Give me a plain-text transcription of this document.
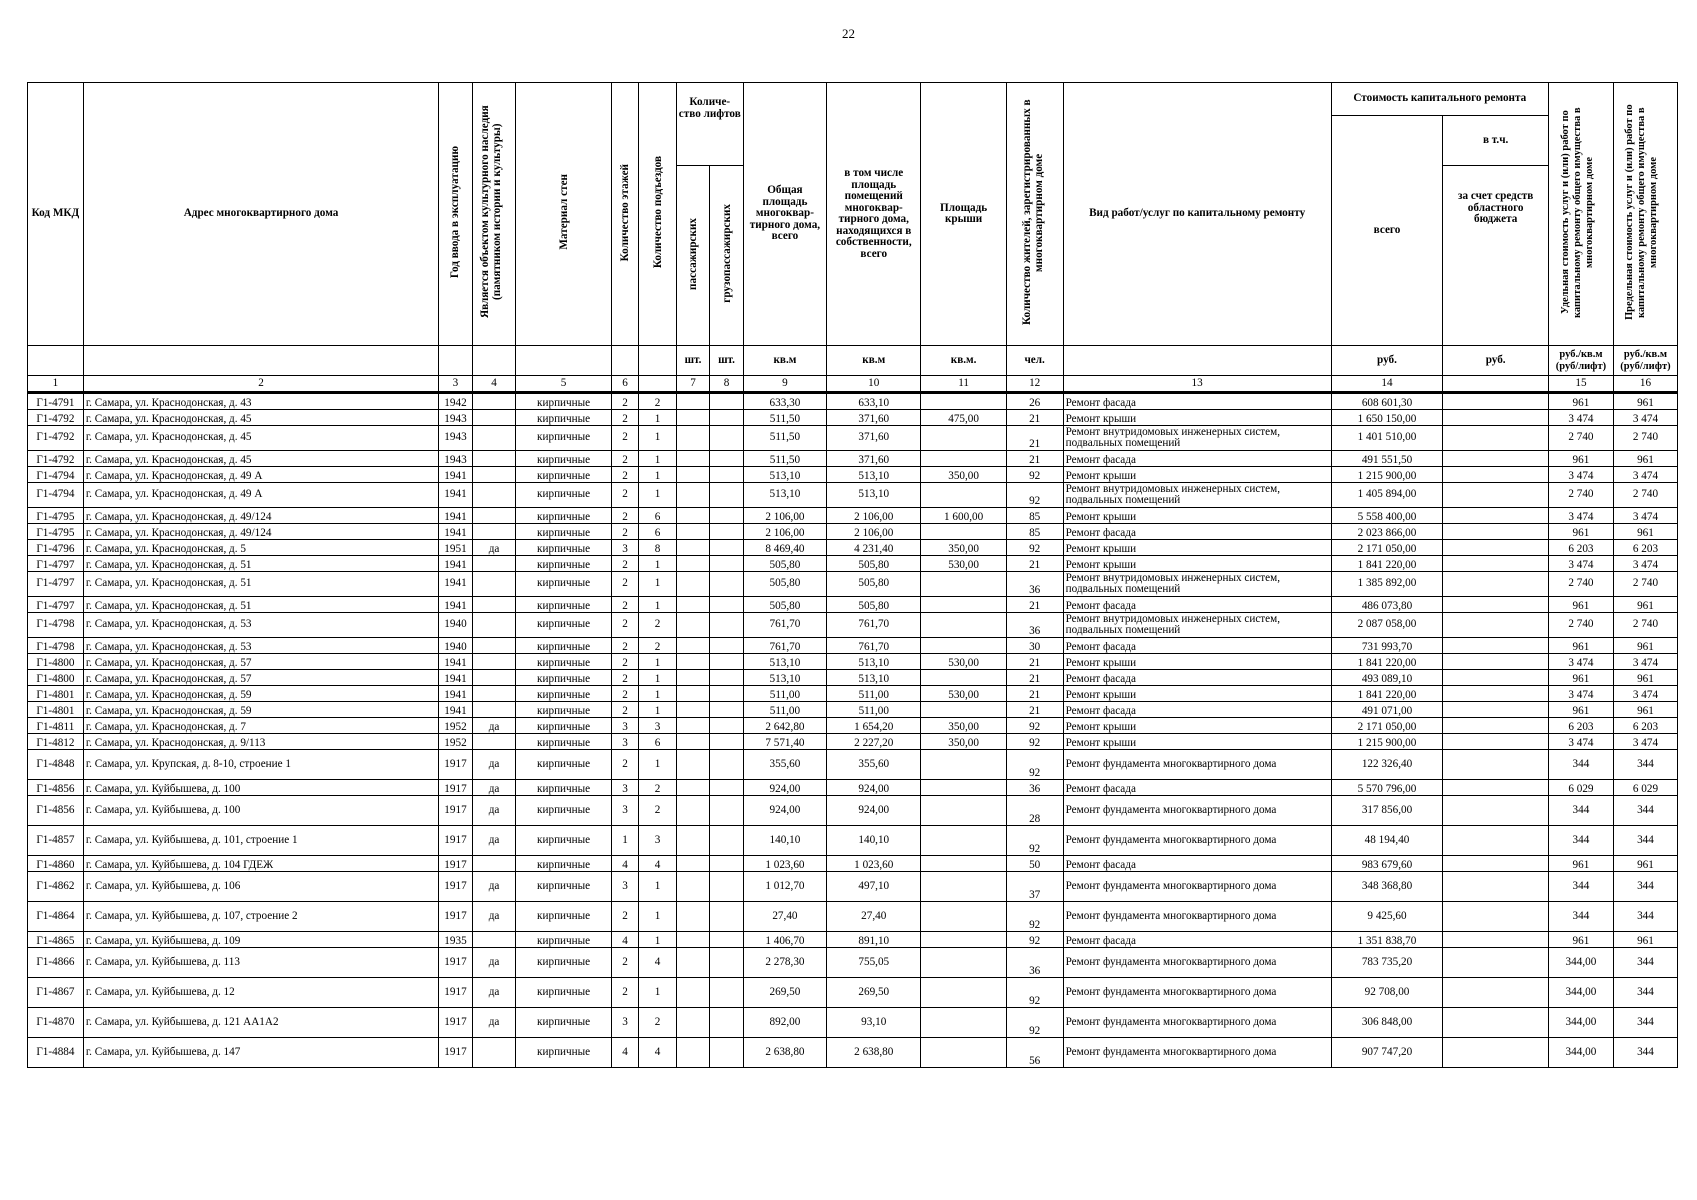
22
Код МКД	Адрес многоквартирного дома	Год ввода в эксплуатацию	Является объектом культурного наследия (памятником истории и культуры)	Материал стен	Количество этажей	Количество подъездов	Количе- ство лифтов		Общая площадь многоквар- тирного дома, всего	в том числе площадь помещений многоквар- тирного дома, находящихся в собственности, всего	Площадь крыши	Количество жителей, зарегистрированных в многоквартирном доме	Вид работ/услуг по капитальному ремонту	Стоимость капитального ремонта		Удельная стоимость услуг и (или) работ по капитальному ремонту общего имущества в многоквартирном доме	Предельная стоимость услуг и (или) работ по капитальному ремонту общего имущества в многоквартирном доме
														всего	в т.ч.		
							пассажирских	грузопассажирских							за счет средств областного бюджета		
							шт.	шт.	кв.м	кв.м	кв.м.	чел.		руб.	руб.	руб./кв.м (руб/лифт)	руб./кв.м (руб/лифт)
1	2	3	4	5	6		7	8	9	10	11	12	13	14		15	16
Г1-4791	г. Самара, ул. Краснодонская, д. 43	1942		кирпичные	2	2			633,30	633,10		26	Ремонт фасада	608 601,30		961	961
Г1-4792	г. Самара, ул. Краснодонская, д. 45	1943		кирпичные	2	1			511,50	371,60	475,00	21	Ремонт крыши	1 650 150,00		3 474	3 474
Г1-4792	г. Самара, ул. Краснодонская, д. 45	1943		кирпичные	2	1			511,50	371,60		21	Ремонт внутридомовых инженерных систем, подвальных помещений	1 401 510,00		2 740	2 740
Г1-4792	г. Самара, ул. Краснодонская, д. 45	1943		кирпичные	2	1			511,50	371,60		21	Ремонт фасада	491 551,50		961	961
Г1-4794	г. Самара, ул. Краснодонская, д. 49 А	1941		кирпичные	2	1			513,10	513,10	350,00	92	Ремонт крыши	1 215 900,00		3 474	3 474
Г1-4794	г. Самара, ул. Краснодонская, д. 49 А	1941		кирпичные	2	1			513,10	513,10		92	Ремонт внутридомовых инженерных систем, подвальных помещений	1 405 894,00		2 740	2 740
Г1-4795	г. Самара, ул. Краснодонская, д. 49/124	1941		кирпичные	2	6			2 106,00	2 106,00	1 600,00	85	Ремонт крыши	5 558 400,00		3 474	3 474
Г1-4795	г. Самара, ул. Краснодонская, д. 49/124	1941		кирпичные	2	6			2 106,00	2 106,00		85	Ремонт фасада	2 023 866,00		961	961
Г1-4796	г. Самара, ул. Краснодонская, д. 5	1951	да	кирпичные	3	8			8 469,40	4 231,40	350,00	92	Ремонт крыши	2 171 050,00		6 203	6 203
Г1-4797	г. Самара, ул. Краснодонская, д. 51	1941		кирпичные	2	1			505,80	505,80	530,00	21	Ремонт крыши	1 841 220,00		3 474	3 474
Г1-4797	г. Самара, ул. Краснодонская, д. 51	1941		кирпичные	2	1			505,80	505,80		36	Ремонт внутридомовых инженерных систем, подвальных помещений	1 385 892,00		2 740	2 740
Г1-4797	г. Самара, ул. Краснодонская, д. 51	1941		кирпичные	2	1			505,80	505,80		21	Ремонт фасада	486 073,80		961	961
Г1-4798	г. Самара, ул. Краснодонская, д. 53	1940		кирпичные	2	2			761,70	761,70		36	Ремонт внутридомовых инженерных систем, подвальных помещений	2 087 058,00		2 740	2 740
Г1-4798	г. Самара, ул. Краснодонская, д. 53	1940		кирпичные	2	2			761,70	761,70		30	Ремонт фасада	731 993,70		961	961
Г1-4800	г. Самара, ул. Краснодонская, д. 57	1941		кирпичные	2	1			513,10	513,10	530,00	21	Ремонт крыши	1 841 220,00		3 474	3 474
Г1-4800	г. Самара, ул. Краснодонская, д. 57	1941		кирпичные	2	1			513,10	513,10		21	Ремонт фасада	493 089,10		961	961
Г1-4801	г. Самара, ул. Краснодонская, д. 59	1941		кирпичные	2	1			511,00	511,00	530,00	21	Ремонт крыши	1 841 220,00		3 474	3 474
Г1-4801	г. Самара, ул. Краснодонская, д. 59	1941		кирпичные	2	1			511,00	511,00		21	Ремонт фасада	491 071,00		961	961
Г1-4811	г. Самара, ул. Краснодонская, д. 7	1952	да	кирпичные	3	3			2 642,80	1 654,20	350,00	92	Ремонт крыши	2 171 050,00		6 203	6 203
Г1-4812	г. Самара, ул. Краснодонская, д. 9/113	1952		кирпичные	3	6			7 571,40	2 227,20	350,00	92	Ремонт крыши	1 215 900,00		3 474	3 474
Г1-4848	г. Самара, ул. Крупская, д. 8-10, строение 1	1917	да	кирпичные	2	1			355,60	355,60		92	Ремонт фундамента многоквартирного дома	122 326,40		344	344
Г1-4856	г. Самара, ул. Куйбышева, д. 100	1917	да	кирпичные	3	2			924,00	924,00		36	Ремонт фасада	5 570 796,00		6 029	6 029
Г1-4856	г. Самара, ул. Куйбышева, д. 100	1917	да	кирпичные	3	2			924,00	924,00		28	Ремонт фундамента многоквартирного дома	317 856,00		344	344
Г1-4857	г. Самара, ул. Куйбышева, д. 101, строение 1	1917	да	кирпичные	1	3			140,10	140,10		92	Ремонт фундамента многоквартирного дома	48 194,40		344	344
Г1-4860	г. Самара, ул. Куйбышева, д. 104 ГДЕЖ	1917		кирпичные	4	4			1 023,60	1 023,60		50	Ремонт фасада	983 679,60		961	961
Г1-4862	г. Самара, ул. Куйбышева, д. 106	1917	да	кирпичные	3	1			1 012,70	497,10		37	Ремонт фундамента многоквартирного дома	348 368,80		344	344
Г1-4864	г. Самара, ул. Куйбышева, д. 107, строение 2	1917	да	кирпичные	2	1			27,40	27,40		92	Ремонт фундамента многоквартирного дома	9 425,60		344	344
Г1-4865	г. Самара, ул. Куйбышева, д. 109	1935		кирпичные	4	1			1 406,70	891,10		92	Ремонт фасада	1 351 838,70		961	961
Г1-4866	г. Самара, ул. Куйбышева, д. 113	1917	да	кирпичные	2	4			2 278,30	755,05		36	Ремонт фундамента многоквартирного дома	783 735,20		344,00	344
Г1-4867	г. Самара, ул. Куйбышева, д. 12	1917	да	кирпичные	2	1			269,50	269,50		92	Ремонт фундамента многоквартирного дома	92 708,00		344,00	344
Г1-4870	г. Самара, ул. Куйбышева, д. 121 АА1А2	1917	да	кирпичные	3	2			892,00	93,10		92	Ремонт фундамента многоквартирного дома	306 848,00		344,00	344
Г1-4884	г. Самара, ул. Куйбышева, д. 147	1917		кирпичные	4	4			2 638,80	2 638,80		56	Ремонт фундамента многоквартирного дома	907 747,20		344,00	344
